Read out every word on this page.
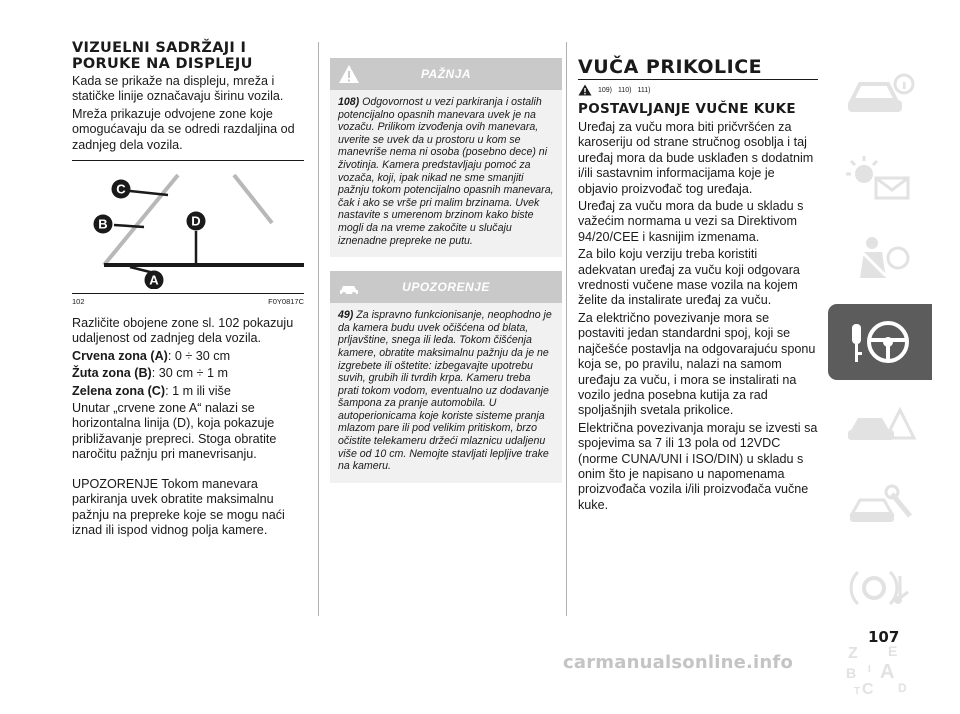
VIZUELNI SADRŽAJI I PORUKE NA DISPLEJU

Kada se prikaže na displeju, mreža i statičke linije označavaju širinu vozila.

Mreža prikazuje odvojene zone koje omogućavaju da se odredi razdaljina od zadnjeg dela vozila.

C
B	D
A
102	F0Y0817C

Različite obojene zone sl. 102 pokazuju udaljenost od zadnjeg dela vozila.

Crvena zona (A): 0 ÷ 30 cm

Žuta zona (B): 30 cm ÷ 1 m

Zelena zona (C): 1 m ili više

Unutar „crvene zone A“ nalazi se horizontalna linija (D), koja pokazuje približavanje prepreci. Stoga obratite naročitu pažnju pri manevrisanju.

UPOZORENJE Tokom manevara parkiranja uvek obratite maksimalnu pažnju na prepreke koje se mogu naći iznad ili ispod vidnog polja kamere.

PAŽNJA
108) Odgovornost u vezi parkiranja i ostalih potencijalno opasnih manevara uvek je na vozaču. Prilikom izvođenja ovih manevara, uverite se uvek da u prostoru u kom se manevriše nema ni osoba (posebno dece) ni životinja. Kamera predstavljaju pomoć za vozača, koji, ipak nikad ne sme smanjiti pažnju tokom potencijalno opasnih manevara, čak i ako se vrše pri malim brzinama. Uvek nastavite s umerenom brzinom kako biste mogli da na vreme zakočite u slučaju iznenadne prepreke ne putu.
UPOZORENJE
49) Za ispravno funkcionisanje, neophodno je da kamera budu uvek očišćena od blata, prljavštine, snega ili leda. Tokom čišćenja kamere, obratite maksimalnu pažnju da je ne izgrebete ili oštetite: izbegavajte upotrebu suvih, grubih ili tvrdih krpa. Kameru treba prati tokom vodom, eventualno uz dodavanje šampona za pranje automobila. U autoperionicama koje koriste sisteme pranja mlazom pare ili pod velikim pritiskom, brzo očistite telekameru držeći mlaznicu udaljenu više od 10 cm. Nemojte stavljati lepljive trake na kameru.
VUČA PRIKOLICE
109) 110) 111)
POSTAVLJANJE VUČNE KUKE

Uređaj za vuču mora biti pričvršćen za karoseriju od strane stručnog osoblja i taj uređaj mora da bude usklađen s dodatnim i/ili sastavnim informacijama koje je objavio proizvođač tog uređaja.

Uređaj za vuču mora da bude u skladu s važećim normama u vezi sa Direktivom 94/20/CEE i kasnijim izmenama.

Za bilo koju verziju treba koristiti adekvatan uređaj za vuču koji odgovara vrednosti vučene mase vozila na kojem želite da instalirate uređaj za vuču.

Za električno povezivanje mora se postaviti jedan standardni spoj, koji se najčešće postavlja na odgovarajuću sponu koja se, po pravilu, nalazi na samom uređaju za vuču, i mora se instalirati na vozilo jedna posebna kutija za rad spoljašnjih svetala prikolice.

Električna povezivanja moraju se izvesti sa spojevima sa 7 ili 13 pola od 12VDC (norme CUNA/UNI i ISO/DIN) u skladu s onim što je napisano u napomenama proizvođača vozila i/ili proizvođača vučne kuke.

Z E
B A
I
C
T	D
107
carmanualsonline.info
